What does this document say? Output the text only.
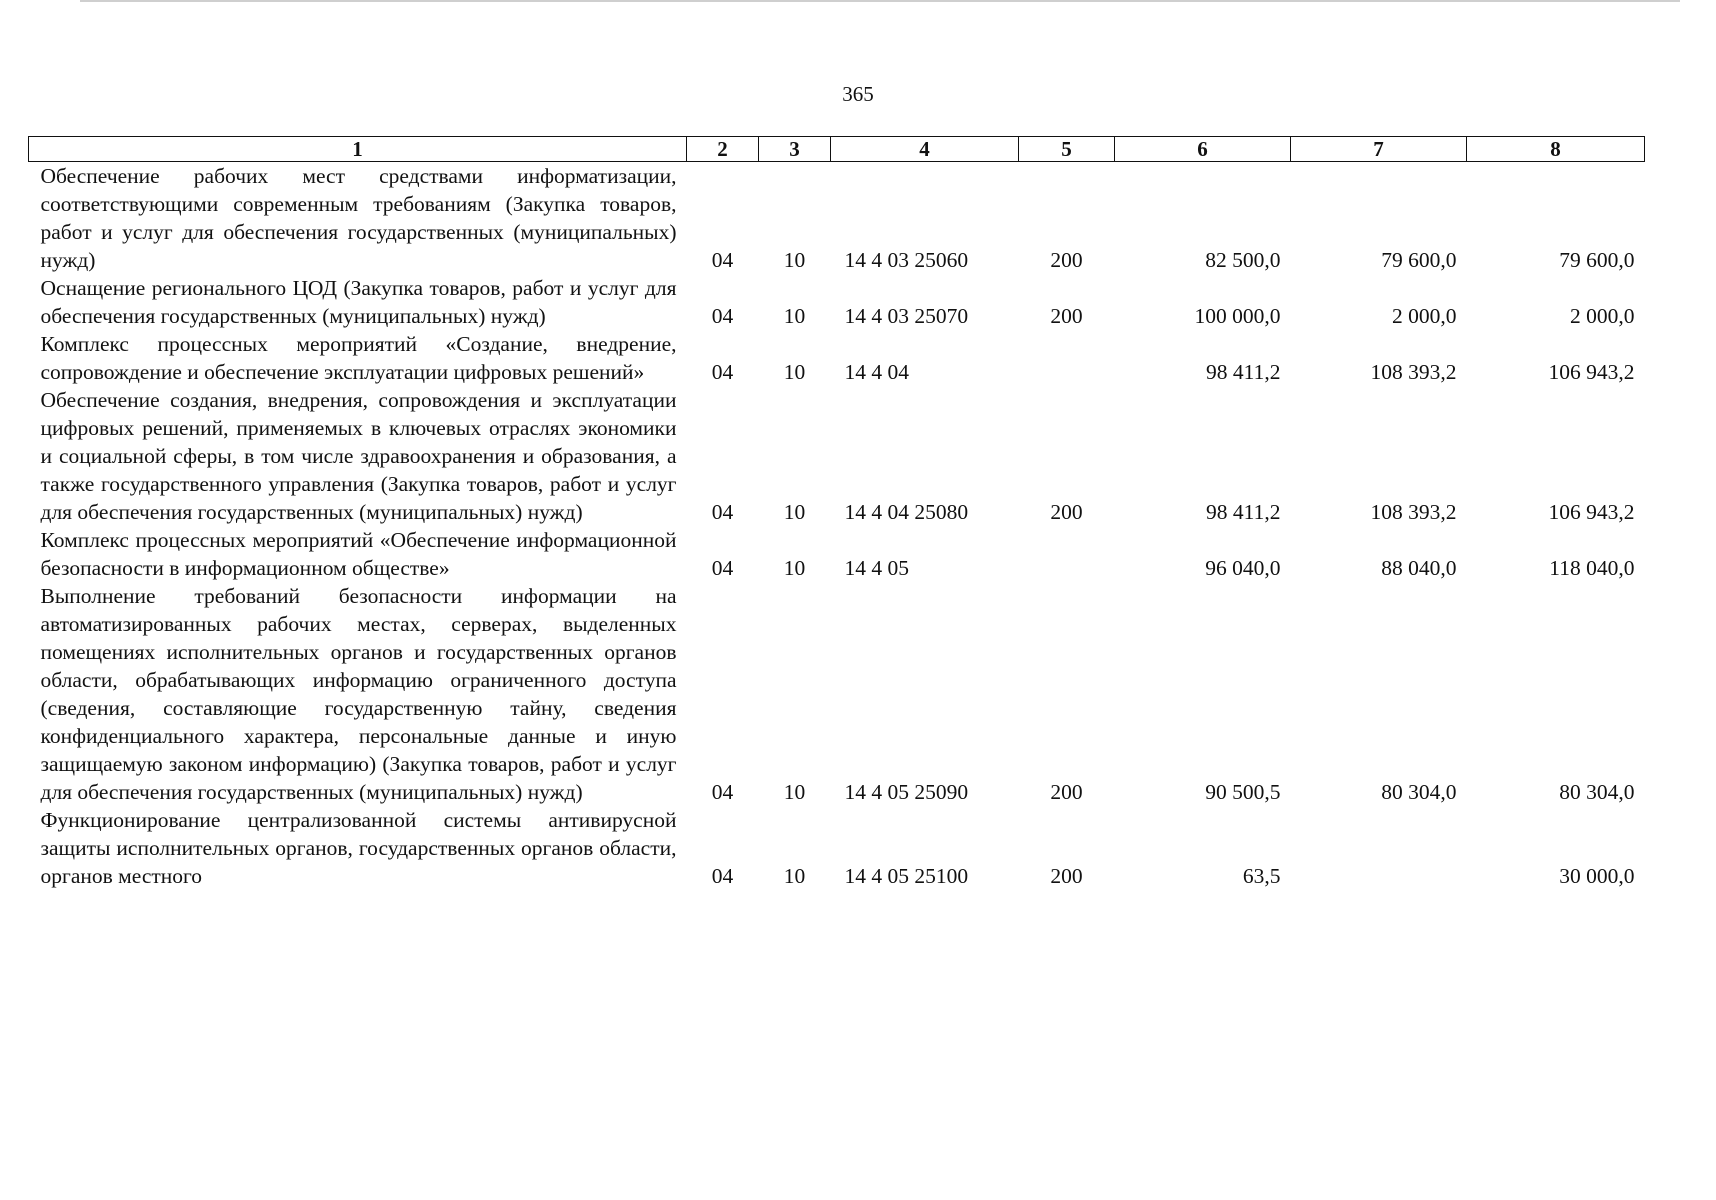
365
1	2	3	4	5	6	7	8
Обеспечение рабочих мест средствами информатизации, соответствующими современным требованиям (Закупка товаров, работ и услуг для обеспечения государственных (муниципальных) нужд)	04	10	14 4 03 25060	200	82 500,0	79 600,0	79 600,0
Оснащение регионального ЦОД (Закупка товаров, работ и услуг для обеспечения государственных (муниципальных) нужд)	04	10	14 4 03 25070	200	100 000,0	2 000,0	2 000,0
Комплекс процессных мероприятий «Создание, внедрение, сопровождение и обеспечение эксплуатации цифровых решений»	04	10	14 4 04		98 411,2	108 393,2	106 943,2
Обеспечение создания, внедрения, сопровождения и эксплуатации цифровых решений, применяемых в ключевых отраслях экономики и социальной сферы, в том числе здравоохранения и образования, а также государственного управления (Закупка товаров, работ и услуг для обеспечения государственных (муниципальных) нужд)	04	10	14 4 04 25080	200	98 411,2	108 393,2	106 943,2
Комплекс процессных мероприятий «Обеспечение информационной безопасности в информационном обществе»	04	10	14 4 05		96 040,0	88 040,0	118 040,0
Выполнение требований безопасности информации на автоматизированных рабочих местах, серверах, выделенных помещениях исполнительных органов и государственных органов области, обрабатывающих информацию ограниченного доступа (сведения, составляющие государственную тайну, сведения конфиденциального характера, персональные данные и иную защищаемую законом информацию) (Закупка товаров, работ и услуг для обеспечения государственных (муниципальных) нужд)	04	10	14 4 05 25090	200	90 500,5	80 304,0	80 304,0
Функционирование централизованной системы антивирусной защиты исполнительных органов, государственных органов области, органов местного	04	10	14 4 05 25100	200	63,5		30 000,0
